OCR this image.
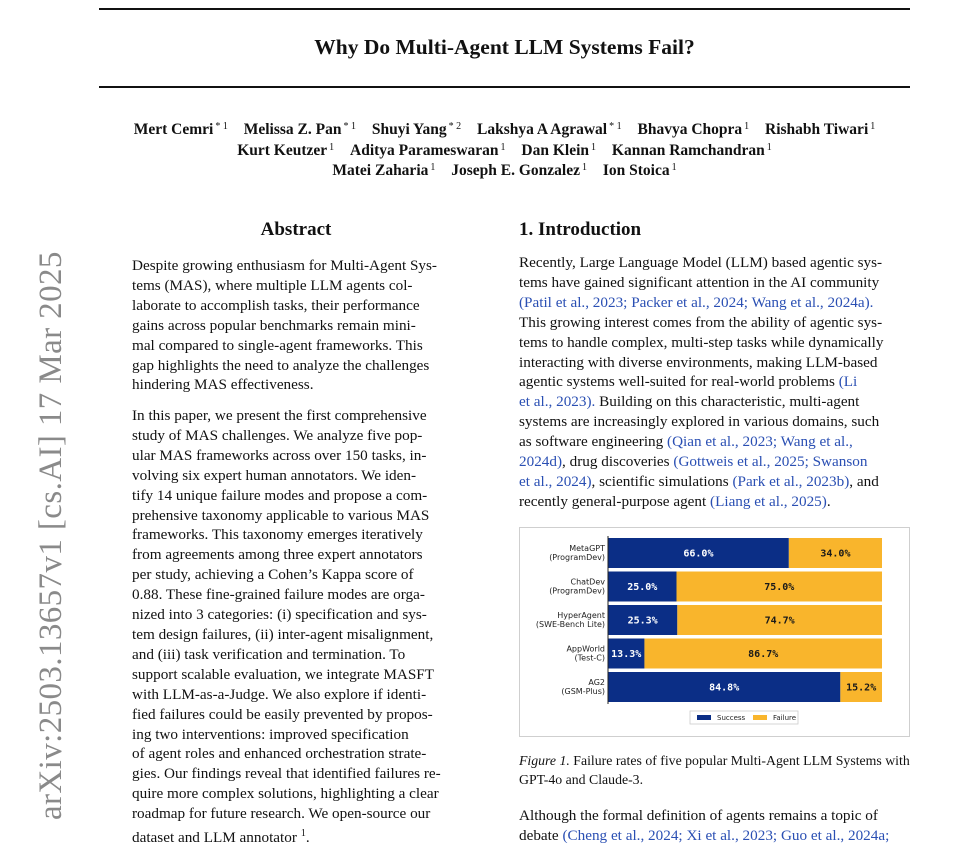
Why Do Multi-Agent LLM Systems Fail?
Mert Cemri $^{* 1}$ Melissa Z. Pan $^{* 1}$ Shuyi Yang $^{* 2}$ Lakshya A Agrawal $^{* 1}$ Bhavya Chopra $^1$ Rishabh Tiwari $^1$
Kurt Keutzer $^1$ Aditya Parameswaran $^1$ Dan Klein $^1$ Kannan Ramchandran $^1$
Matei Zaharia $^1$ Joseph E. Gonzalez $^1$ Ion Stoica $^1$
arXiv:2503.13657v1 [cs.AI] 17 Mar 2025
Abstract
Despite growing enthusiasm for Multi-Agent Sys-
tems (MAS), where multiple LLM agents col-
laborate to accomplish tasks, their performance
gains across popular benchmarks remain mini-
mal compared to single-agent frameworks. This
gap highlights the need to analyze the challenges
hindering MAS effectiveness.
In this paper, we present the first comprehensive
study of MAS challenges. We analyze five pop-
ular MAS frameworks across over 150 tasks, in-
volving six expert human annotators. We iden-
tify 14 unique failure modes and propose a com-
prehensive taxonomy applicable to various MAS
frameworks. This taxonomy emerges iteratively
from agreements among three expert annotators
per study, achieving a Cohen’s Kappa score of
0.88. These fine-grained failure modes are orga-
nized into 3 categories: (i) specification and sys-
tem design failures, (ii) inter-agent misalignment,
and (iii) task verification and termination. To
support scalable evaluation, we integrate MASFT
with LLM-as-a-Judge. We also explore if identi-
fied failures could be easily prevented by propos-
ing two interventions: improved specification
of agent roles and enhanced orchestration strate-
gies. Our findings reveal that identified failures re-
quire more complex solutions, highlighting a clear
roadmap for future research. We open-source our
dataset and LLM annotator $^1$.
1. Introduction
Recently, Large Language Model (LLM) based agentic sys-
tems have gained significant attention in the AI community
(Patil et al., 2023; Packer et al., 2024; Wang et al., 2024a).
This growing interest comes from the ability of agentic sys-
tems to handle complex, multi-step tasks while dynamically
interacting with diverse environments, making LLM-based
agentic systems well-suited for real-world problems (Li
et al., 2023). Building on this characteristic, multi-agent
systems are increasingly explored in various domains, such
as software engineering (Qian et al., 2023; Wang et al.,
2024d), drug discoveries (Gottweis et al., 2025; Swanson
et al., 2024), scientific simulations (Park et al., 2023b), and
recently general-purpose agent (Liang et al., 2025).
MetaGPT
(ProgramDev)	66.0%	34.0%
ChatDev
(ProgramDev) 25.0%	75.0%
HyperAgent
(SWE-Bench Lite) 25.3%	74.7%
AppWorld
(Test-C) 13.3%	86.7%
AG2
(GSM-Plus)	84.8%	15.2%
Success	Failure
Figure 1. Failure rates of five popular Multi-Agent LLM Systems with GPT-4o and Claude-3.
Although the formal definition of agents remains a topic of
debate (Cheng et al., 2024; Xi et al., 2023; Guo et al., 2024a;
